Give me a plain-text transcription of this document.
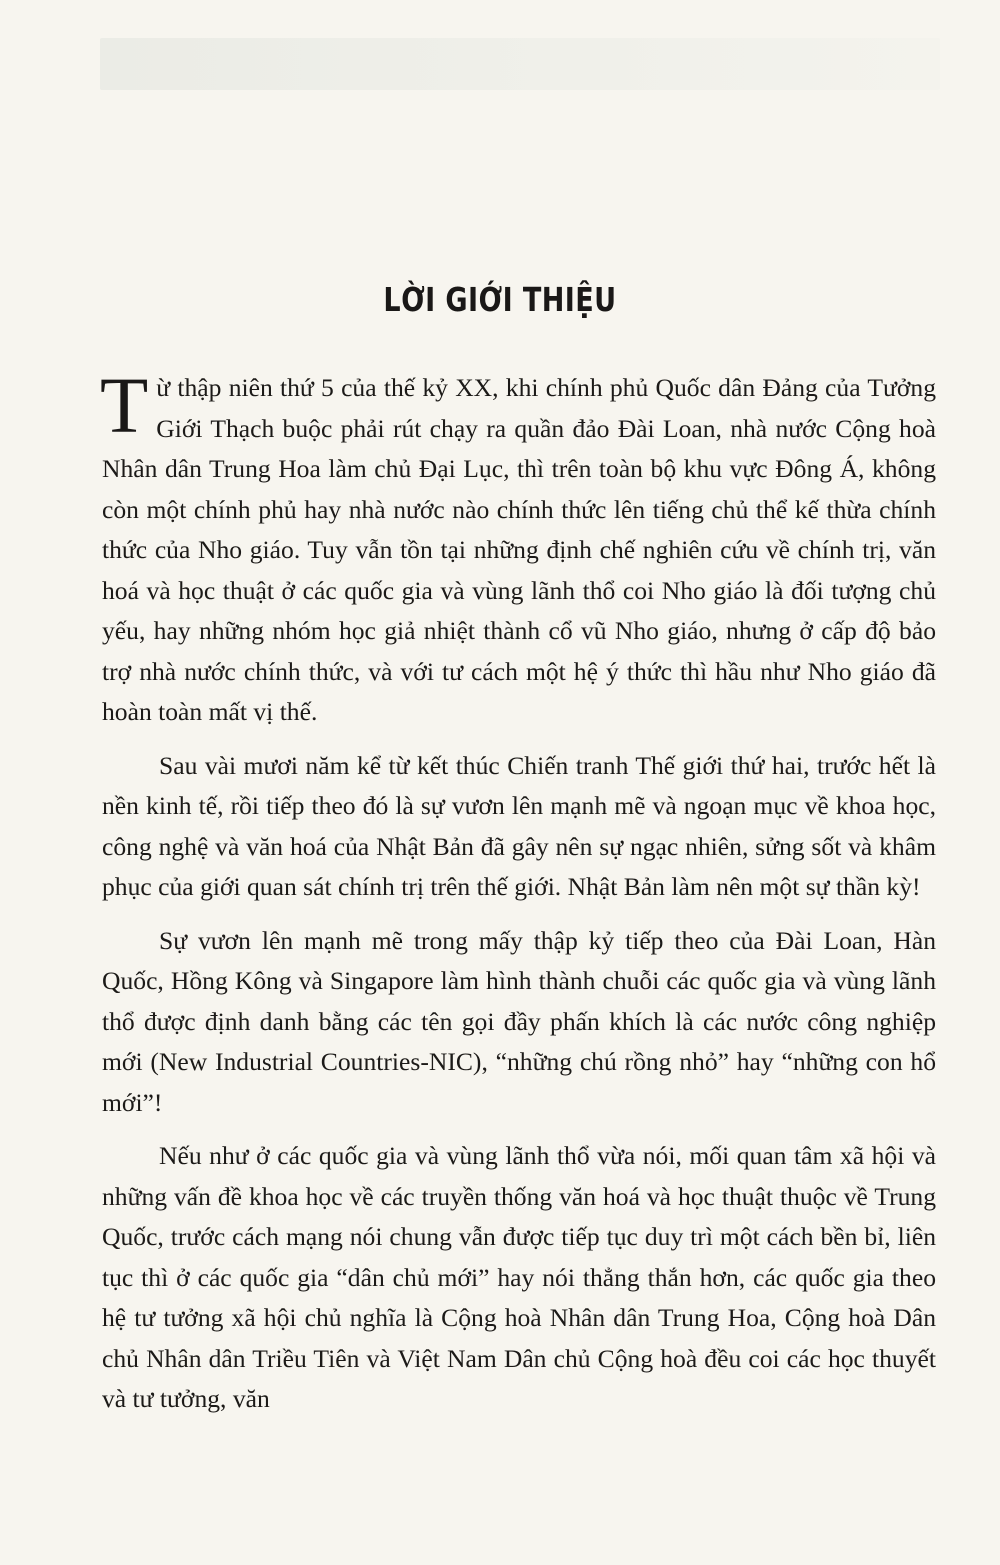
LỜI GIỚI THIỆU

Từ thập niên thứ 5 của thế kỷ XX, khi chính phủ Quốc dân Đảng của Tưởng Giới Thạch buộc phải rút chạy ra quần đảo Đài Loan, nhà nước Cộng hoà Nhân dân Trung Hoa làm chủ Đại Lục, thì trên toàn bộ khu vực Đông Á, không còn một chính phủ hay nhà nước nào chính thức lên tiếng chủ thể kế thừa chính thức của Nho giáo. Tuy vẫn tồn tại những định chế nghiên cứu về chính trị, văn hoá và học thuật ở các quốc gia và vùng lãnh thổ coi Nho giáo là đối tượng chủ yếu, hay những nhóm học giả nhiệt thành cổ vũ Nho giáo, nhưng ở cấp độ bảo trợ nhà nước chính thức, và với tư cách một hệ ý thức thì hầu như Nho giáo đã hoàn toàn mất vị thế.

Sau vài mươi năm kể từ kết thúc Chiến tranh Thế giới thứ hai, trước hết là nền kinh tế, rồi tiếp theo đó là sự vươn lên mạnh mẽ và ngoạn mục về khoa học, công nghệ và văn hoá của Nhật Bản đã gây nên sự ngạc nhiên, sửng sốt và khâm phục của giới quan sát chính trị trên thế giới. Nhật Bản làm nên một sự thần kỳ!

Sự vươn lên mạnh mẽ trong mấy thập kỷ tiếp theo của Đài Loan, Hàn Quốc, Hồng Kông và Singapore làm hình thành chuỗi các quốc gia và vùng lãnh thổ được định danh bằng các tên gọi đầy phấn khích là các nước công nghiệp mới (New Industrial Countries-NIC), “những chú rồng nhỏ” hay “những con hổ mới”!

Nếu như ở các quốc gia và vùng lãnh thổ vừa nói, mối quan tâm xã hội và những vấn đề khoa học về các truyền thống văn hoá và học thuật thuộc về Trung Quốc, trước cách mạng nói chung vẫn được tiếp tục duy trì một cách bền bỉ, liên tục thì ở các quốc gia “dân chủ mới” hay nói thẳng thắn hơn, các quốc gia theo hệ tư tưởng xã hội chủ nghĩa là Cộng hoà Nhân dân Trung Hoa, Cộng hoà Dân chủ Nhân dân Triều Tiên và Việt Nam Dân chủ Cộng hoà đều coi các học thuyết và tư tưởng, văn
